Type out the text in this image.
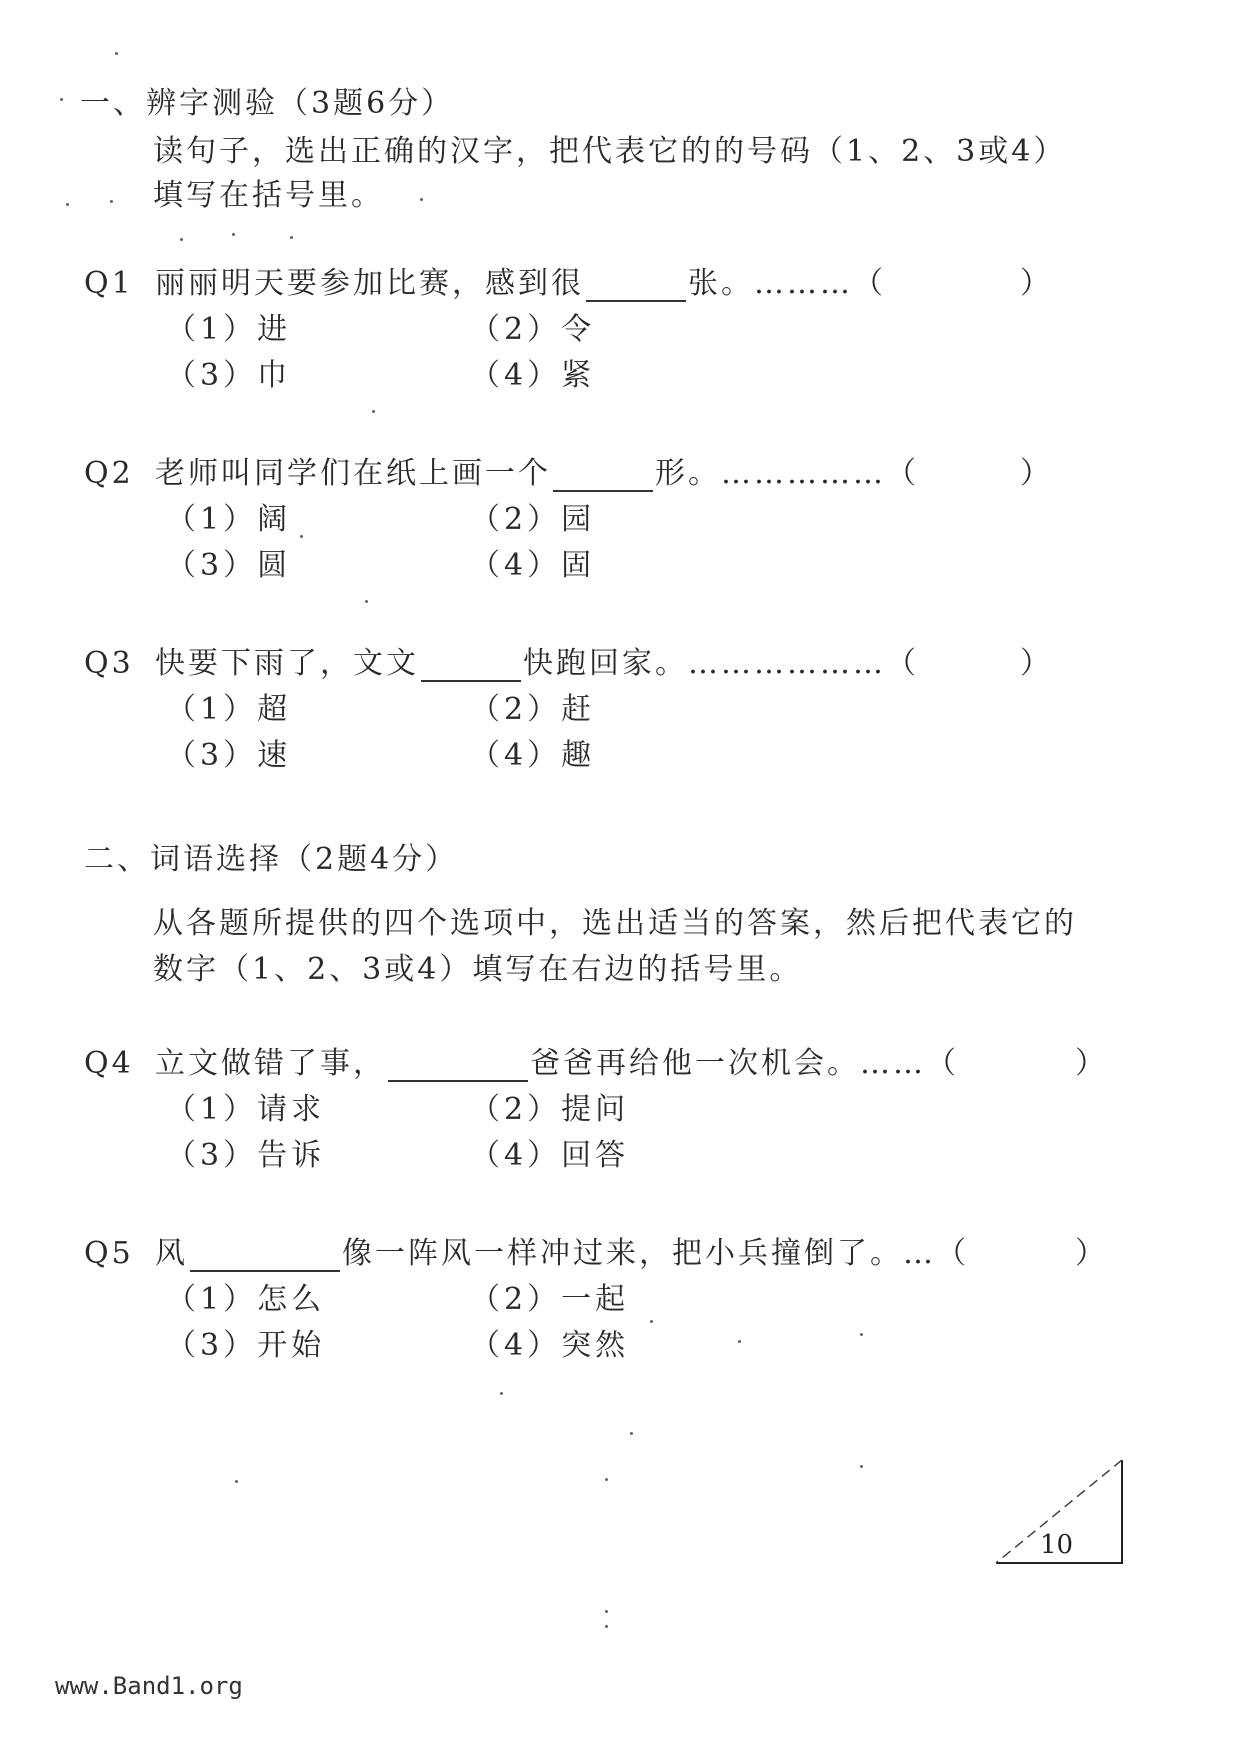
一、辨字测验（3题6分）
读句子，选出正确的汉字，把代表它的的号码（1、2、3或4）
填写在括号里。
Q1 丽丽明天要参加比赛，感到很	张。………（	）
（1）进	（2）令
（3）巾	（4）紧
Q2 老师叫同学们在纸上画一个	形。……………（	）
（1）阔	（2）园
（3）圆	（4）固
Q3 快要下雨了，文文	快跑回家。………………（	）
（1）超	（2）赶
（3）速	（4）趣
二、词语选择（2题4分）
从各题所提供的四个选项中，选出适当的答案，然后把代表它的
数字（1、2、3或4）填写在右边的括号里。
Q4 立文做错了事，	爸爸再给他一次机会。……（	）
（1）请求	（2）提问
（3）告诉	（4）回答
Q5 风	像一阵风一样冲过来，把小兵撞倒了。…（	）
（1）怎么	（2）一起
（3）开始	（4）突然
10
www.Band1.org
